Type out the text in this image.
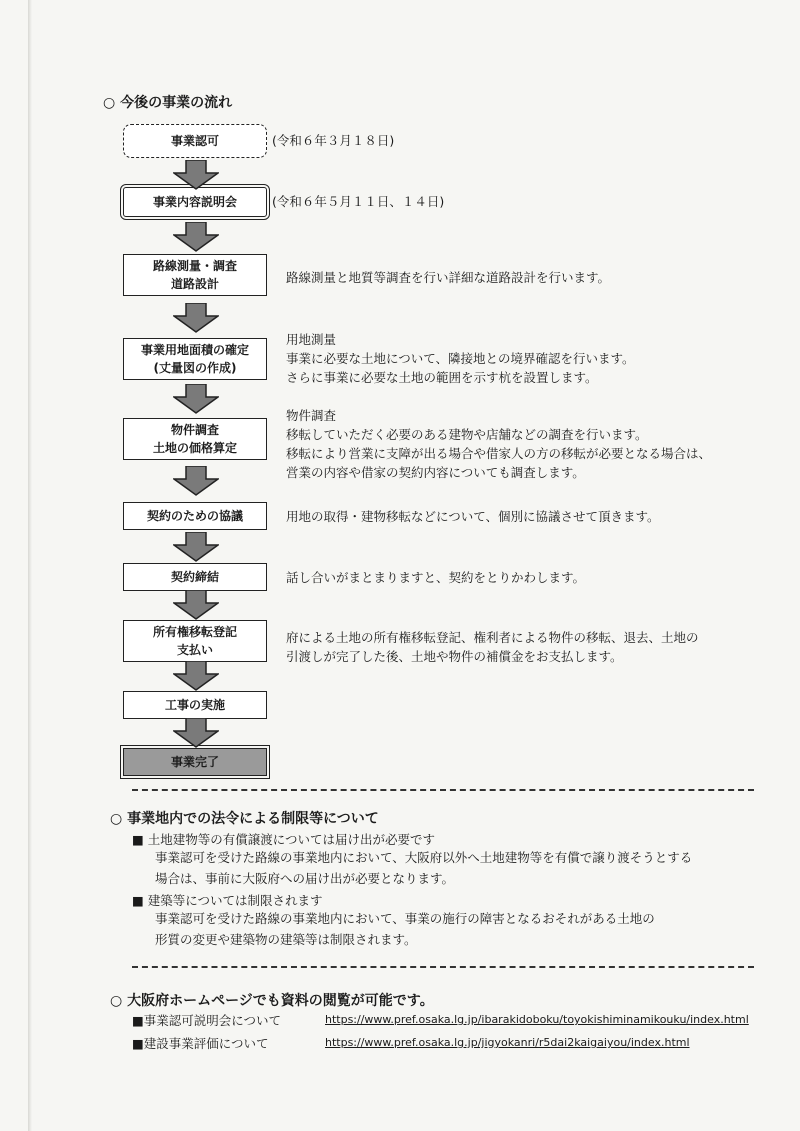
○ 今後の事業の流れ
事業認可	(令和６年３月１８日)
事業内容説明会	(令和６年５月１１日、１４日)
路線測量・調査
道路設計	路線測量と地質等調査を行い詳細な道路設計を行います。
事業用地面積の確定
(丈量図の作成)
用地測量
事業に必要な土地について、隣接地との境界確認を行います。
さらに事業に必要な土地の範囲を示す杭を設置します。
物件調査
土地の価格算定
物件調査
移転していただく必要のある建物や店舗などの調査を行います。
移転により営業に支障が出る場合や借家人の方の移転が必要となる場合は、
営業の内容や借家の契約内容についても調査します。
契約のための協議	用地の取得・建物移転などについて、個別に協議させて頂きます。
契約締結	話し合いがまとまりますと、契約をとりかわします。
所有権移転登記
支払い
府による土地の所有権移転登記、権利者による物件の移転、退去、土地の
引渡しが完了した後、土地や物件の補償金をお支払します。
工事の実施
事業完了
○ 事業地内での法令による制限等について
■ 土地建物等の有償譲渡については届け出が必要です
事業認可を受けた路線の事業地内において、大阪府以外へ土地建物等を有償で譲り渡そうとする
場合は、事前に大阪府への届け出が必要となります。
■ 建築等については制限されます
事業認可を受けた路線の事業地内において、事業の施行の障害となるおそれがある土地の
形質の変更や建築物の建築等は制限されます。
○ 大阪府ホームページでも資料の閲覧が可能です。
■事業認可説明会について	https://www.pref.osaka.lg.jp/ibarakidoboku/toyokishiminamikouku/index.html
■建設事業評価について	https://www.pref.osaka.lg.jp/jigyokanri/r5dai2kaigaiyou/index.html
